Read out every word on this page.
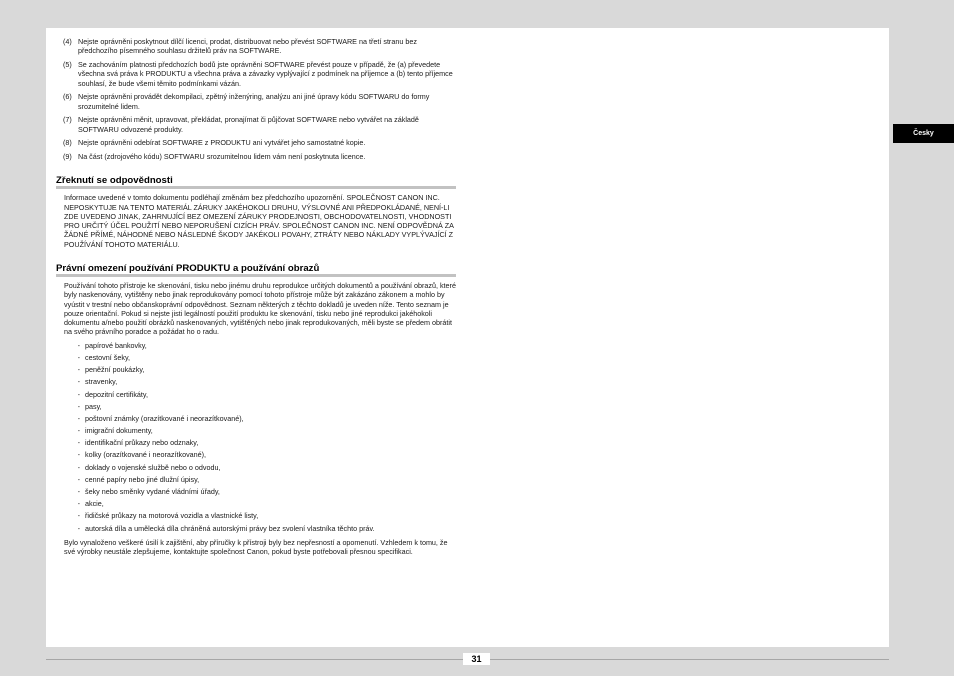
(4) Nejste oprávněni poskytnout dílčí licenci, prodat, distribuovat nebo převést SOFTWARE na třetí stranu bez předchozího písemného souhlasu držitelů práv na SOFTWARE.
(5) Se zachováním platnosti předchozích bodů jste oprávněni SOFTWARE převést pouze v případě, že (a) převedete všechna svá práva k PRODUKTU a všechna práva a závazky vyplývající z podmínek na příjemce a (b) tento příjemce souhlasí, že bude všemi těmito podmínkami vázán.
(6) Nejste oprávněni provádět dekompilaci, zpětný inženýring, analýzu ani jiné úpravy kódu SOFTWARU do formy srozumitelné lidem.
(7) Nejste oprávněni měnit, upravovat, překládat, pronajímat či půjčovat SOFTWARE nebo vytvářet na základě SOFTWARU odvozené produkty.
(8) Nejste oprávněni odebírat SOFTWARE z PRODUKTU ani vytvářet jeho samostatné kopie.
(9) Na část (zdrojového kódu) SOFTWARU srozumitelnou lidem vám není poskytnuta licence.
Zřeknutí se odpovědnosti

Informace uvedené v tomto dokumentu podléhají změnám bez předchozího upozornění. SPOLEČNOST CANON INC. NEPOSKYTUJE NA TENTO MATERIÁL ZÁRUKY JAKÉHOKOLI DRUHU, VÝSLOVNÉ ANI PŘEDPOKLÁDANÉ, NENÍ-LI ZDE UVEDENO JINAK, ZAHRNUJÍCÍ BEZ OMEZENÍ ZÁRUKY PRODEJNOSTI, OBCHODOVATELNOSTI, VHODNOSTI PRO URČITÝ ÚČEL POUŽITÍ NEBO NEPORUŠENÍ CIZÍCH PRÁV. SPOLEČNOST CANON INC. NENÍ ODPOVĚDNÁ ZA ŽÁDNÉ PŘÍMÉ, NÁHODNÉ NEBO NÁSLEDNÉ ŠKODY JAKÉKOLI POVAHY, ZTRÁTY NEBO NÁKLADY VYPLÝVAJÍCÍ Z POUŽÍVÁNÍ TOHOTO MATERIÁLU.

Právní omezení používání PRODUKTU a používání obrazů

Používání tohoto přístroje ke skenování, tisku nebo jinému druhu reprodukce určitých dokumentů a používání obrazů, které byly naskenovány, vytištěny nebo jinak reprodukovány pomocí tohoto přístroje může být zakázáno zákonem a mohlo by vyústit v trestní nebo občanskoprávní odpovědnost. Seznam některých z těchto dokladů je uveden níže. Tento seznam je pouze orientační. Pokud si nejste jisti legálností použití produktu ke skenování, tisku nebo jiné reprodukci jakéhokoli dokumentu a/nebo použití obrázků naskenovaných, vytištěných nebo jinak reprodukovaných, měli byste se předem obrátit na svého právního poradce a požádat ho o radu.

▪ papírové bankovky,
▪ cestovní šeky,
▪ peněžní poukázky,
▪ stravenky,
▪ depozitní certifikáty,
▪ pasy,
▪ poštovní známky (orazítkované i neorazítkované),
▪ imigrační dokumenty,
▪ identifikační průkazy nebo odznaky,
▪ kolky (orazítkované i neorazítkované),
▪ doklady o vojenské službě nebo o odvodu,
▪ cenné papíry nebo jiné dlužní úpisy,
▪ šeky nebo směnky vydané vládními úřady,
▪ akcie,
▪ řidičské průkazy na motorová vozidla a vlastnické listy,
▪ autorská díla a umělecká díla chráněná autorskými právy bez svolení vlastníka těchto práv.

Bylo vynaloženo veškeré úsilí k zajištění, aby příručky k přístroji byly bez nepřesností a opomenutí. Vzhledem k tomu, že své výrobky neustále zlepšujeme, kontaktujte společnost Canon, pokud byste potřebovali přesnou specifikaci.

Česky
31
